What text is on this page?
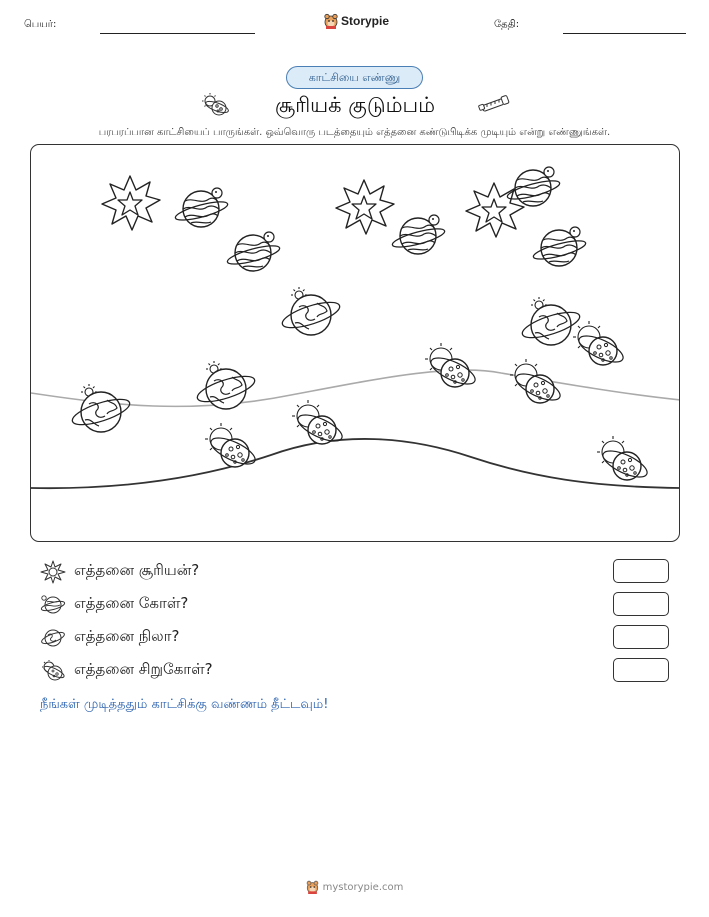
பெயர்:	Storypie	தேதி:
காட்சியை எண்ணு
சூரியக் குடும்பம்
பரபரப்பான காட்சியைப் பாருங்கள். ஒவ்வொரு படத்தையும் எத்தனை கண்டுபிடிக்க முடியும் என்று எண்ணுங்கள்.
எத்தனை சூரியன்?
எத்தனை கோள்?
எத்தனை நிலா?
எத்தனை சிறுகோள்?
நீங்கள் முடித்ததும் காட்சிக்கு வண்ணம் தீட்டவும்!
mystorypie.com
